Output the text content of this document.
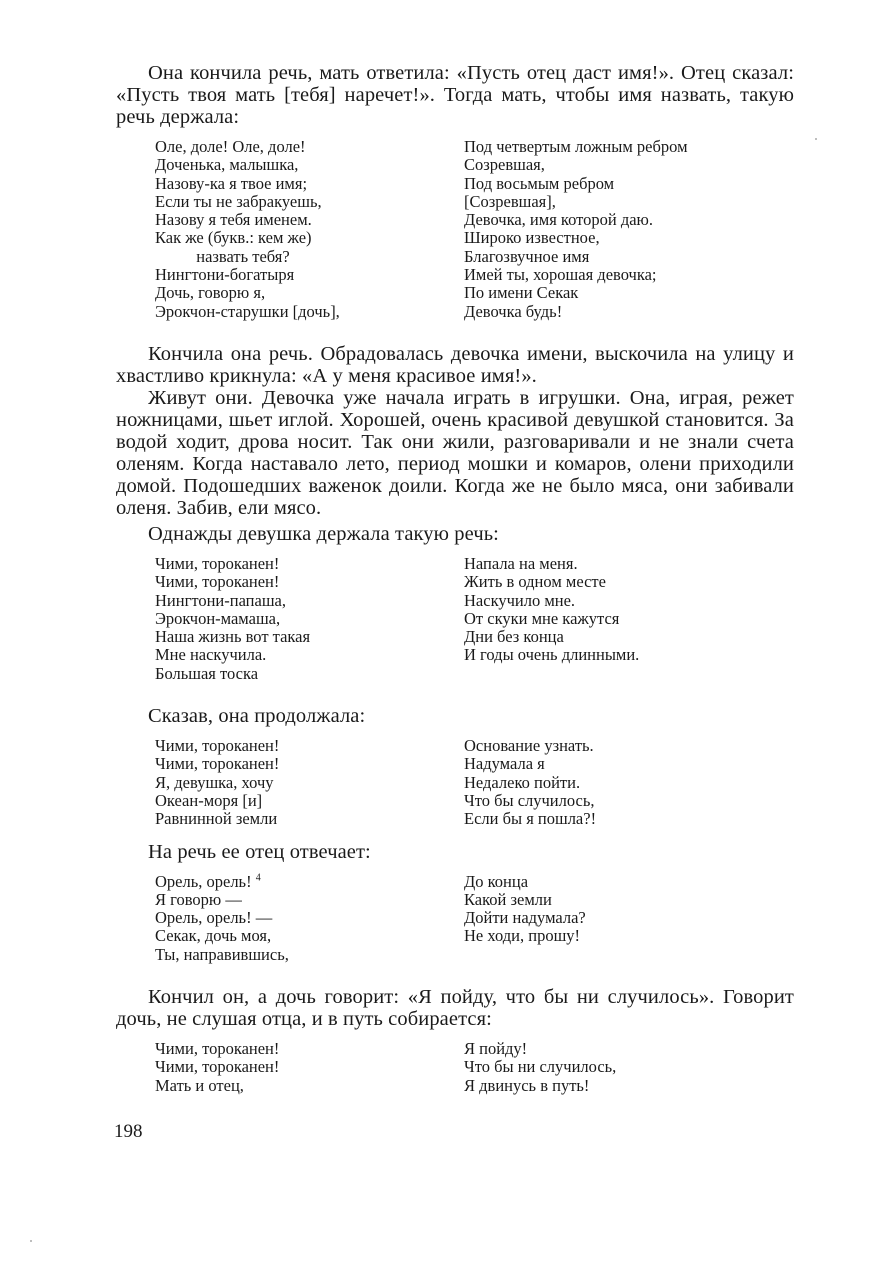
Она кончила речь, мать ответила: «Пусть отец даст имя!». Отец сказал: «Пусть твоя мать [тебя] наречет!». Тогда мать, чтобы имя назвать, такую речь держала:

Оле, доле! Оле, доле!
Доченька, малышка,
Назову-ка я твое имя;
Если ты не забракуешь,
Назову я тебя именем.
Как же (букв.: кем же)
назвать тебя?
Нингтони-богатыря
Дочь, говорю я,
Эрокчон-старушки [дочь],
Под четвертым ложным ребром
Созревшая,
Под восьмым ребром
[Созревшая],
Девочка, имя которой даю.
Широко известное,
Благозвучное имя
Имей ты, хорошая девочка;
По имени Секак
Девочка будь!

Кончила она речь. Обрадовалась девочка имени, выскочила на улицу и хвастливо крикнула: «А у меня красивое имя!».

Живут они. Девочка уже начала играть в игрушки. Она, играя, режет ножницами, шьет иглой. Хорошей, очень красивой девушкой становится. За водой ходит, дрова носит. Так они жили, разговаривали и не знали счета оленям. Когда наставало лето, период мошки и комаров, олени приходили домой. Подошедших важенок доили. Когда же не было мяса, они забивали оленя. Забив, ели мясо.

Однажды девушка держала такую речь:

Чими, тороканен!
Чими, тороканен!
Нингтони-папаша,
Эрокчон-мамаша,
Наша жизнь вот такая
Мне наскучила.
Большая тоска
Напала на меня.
Жить в одном месте
Наскучило мне.
От скуки мне кажутся
Дни без конца
И годы очень длинными.

Сказав, она продолжала:

Чими, тороканен!
Чими, тороканен!
Я, девушка, хочу
Океан-моря [и]
Равнинной земли
Основание узнать.
Надумала я
Недалеко пойти.
Что бы случилось,
Если бы я пошла?!

На речь ее отец отвечает:

Орель, орель! $^4$
Я говорю —
Орель, орель! —
Секак, дочь моя,
Ты, направившись,
До конца
Какой земли
Дойти надумала?
Не ходи, прошу!

Кончил он, а дочь говорит: «Я пойду, что бы ни случилось». Говорит дочь, не слушая отца, и в путь собирается:

Чими, тороканен!
Чими, тороканен!
Мать и отец,
Я пойду!
Что бы ни случилось,
Я двинусь в путь!
198
